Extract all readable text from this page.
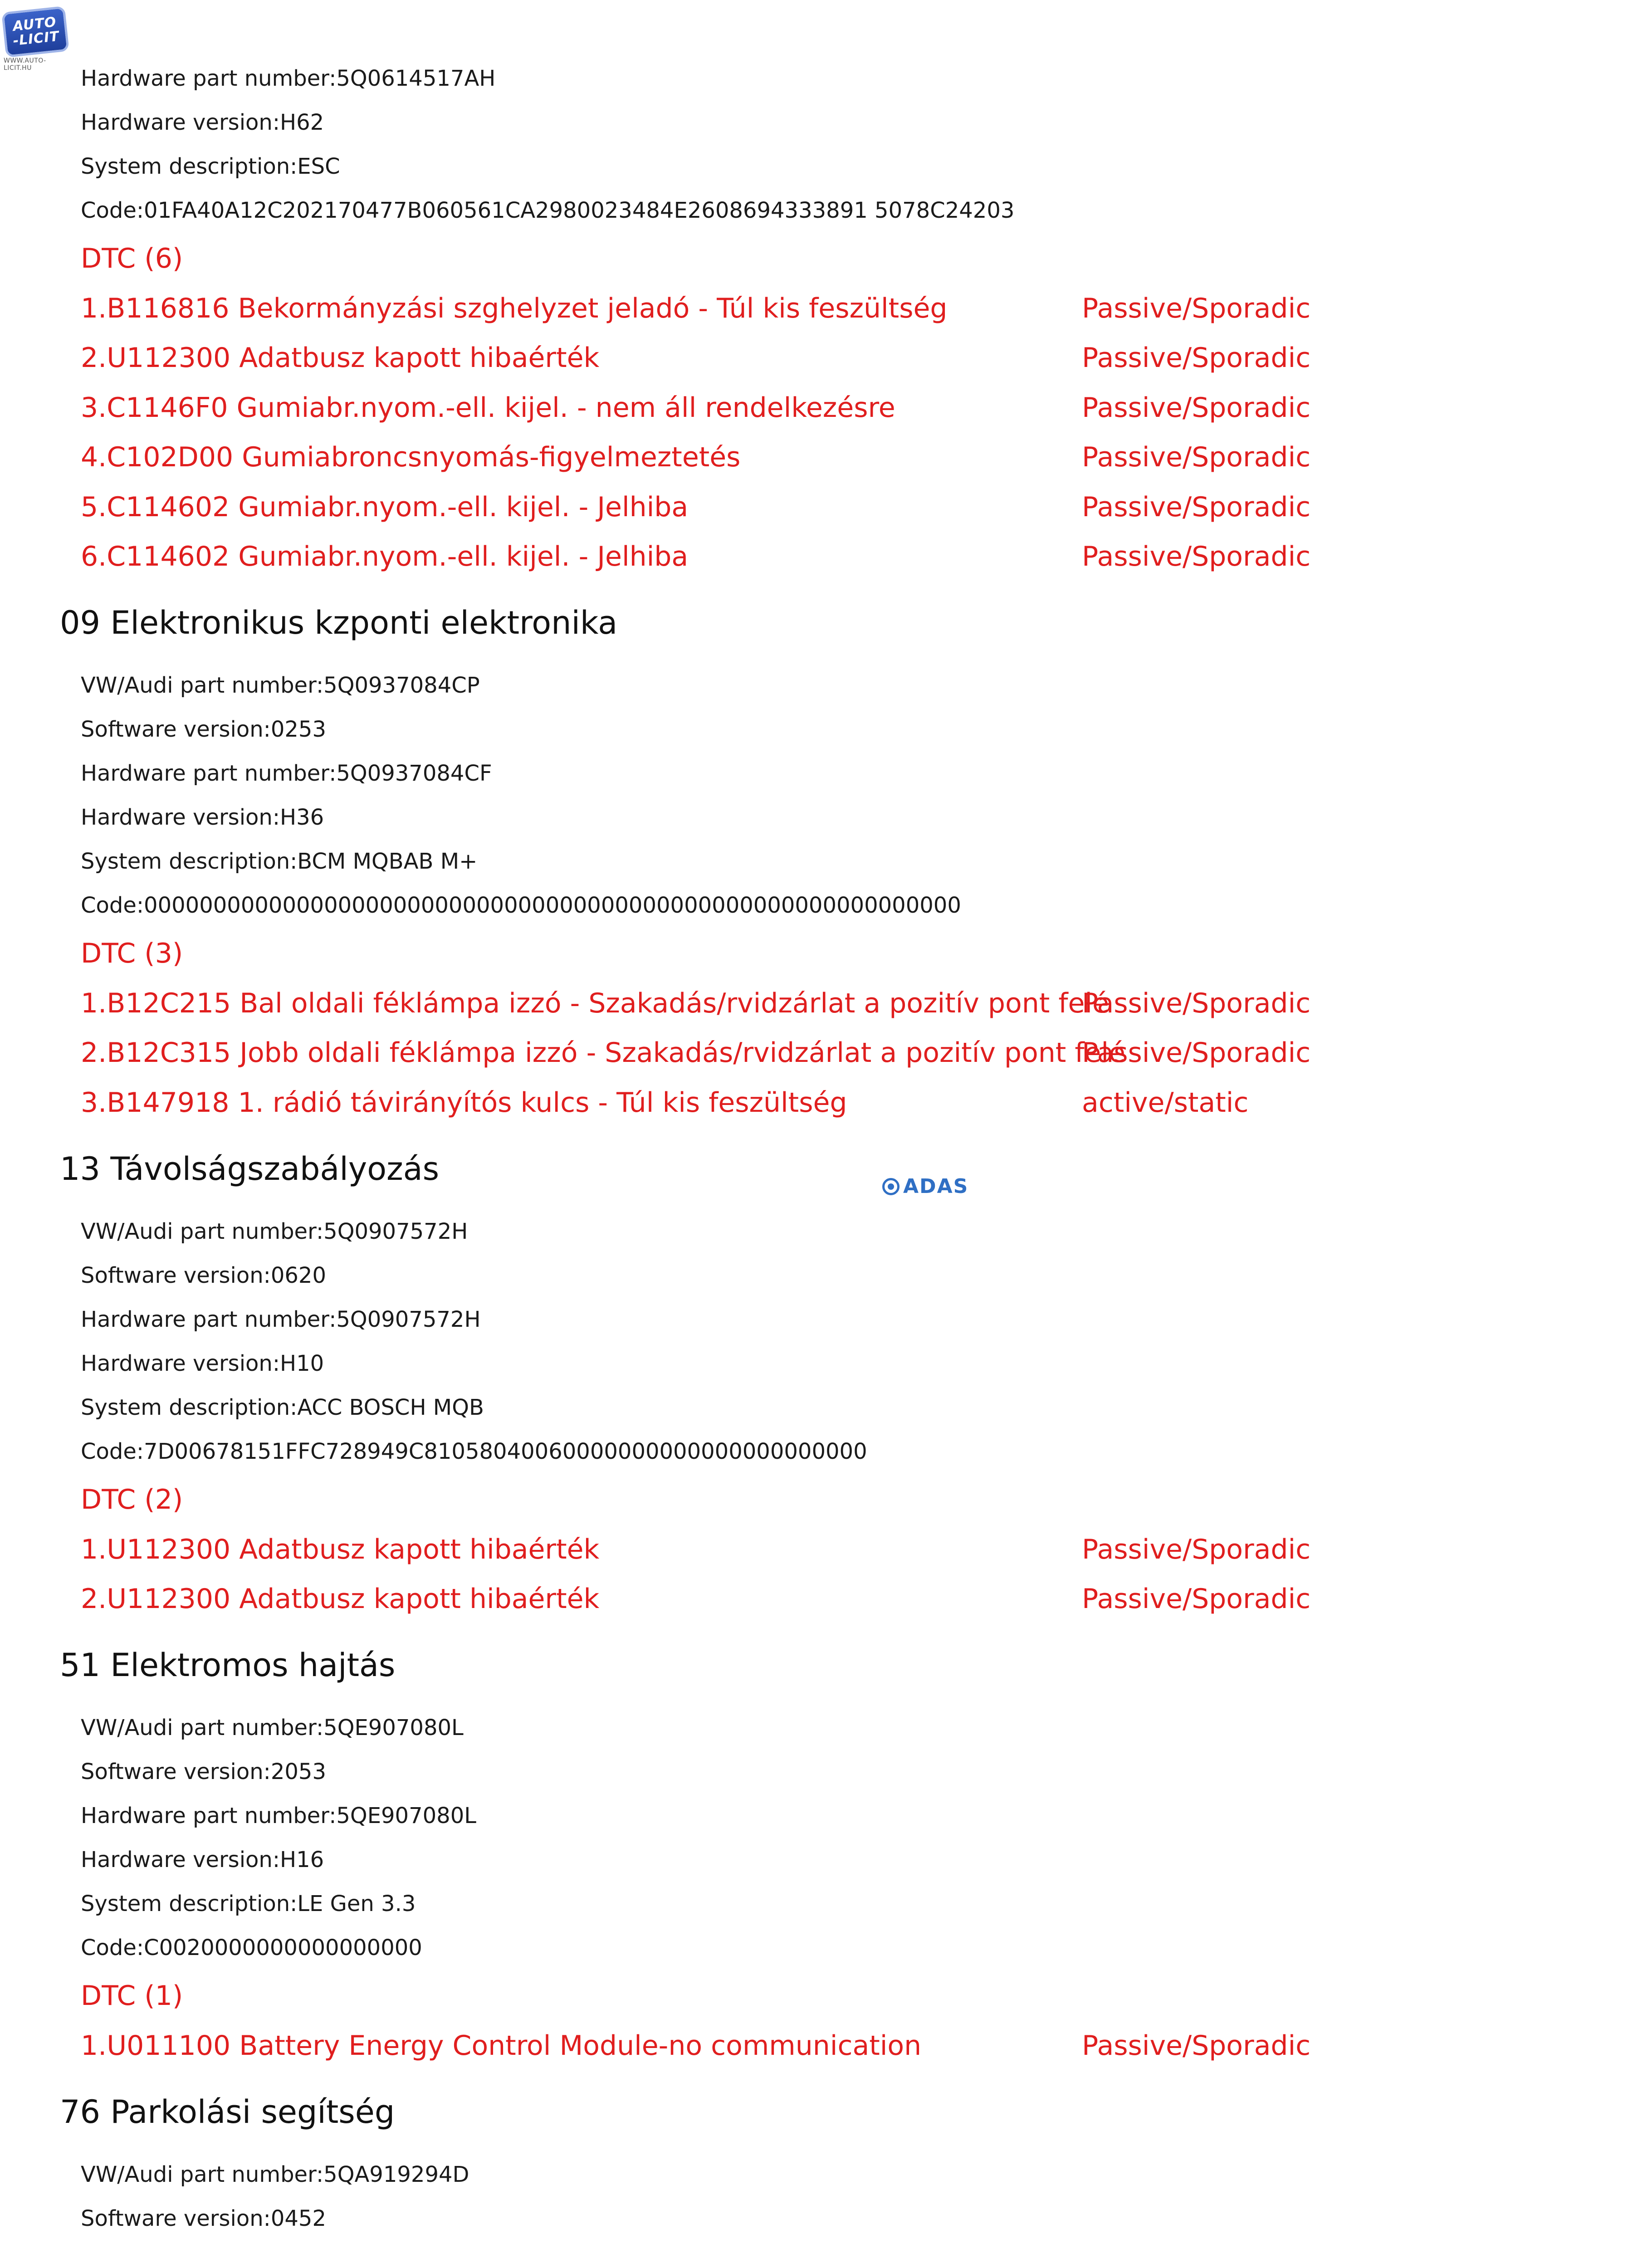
AUTO
-LICIT
WWW.AUTO-LICIT.HU	Hardware part number:5Q0614517AH
Hardware version:H62
System description:ESC
Code:01FA40A12C202170477B060561CA2980023484E2608694333891 5078C24203
DTC (6)
1.B116816 Bekormányzási szghelyzet jeladó - Túl kis feszültség	Passive/Sporadic
2.U112300 Adatbusz kapott hibaérték	Passive/Sporadic
3.C1146F0 Gumiabr.nyom.-ell. kijel. - nem áll rendelkezésre	Passive/Sporadic
4.C102D00 Gumiabroncsnyomás-figyelmeztetés	Passive/Sporadic
5.C114602 Gumiabr.nyom.-ell. kijel. - Jelhiba	Passive/Sporadic
6.C114602 Gumiabr.nyom.-ell. kijel. - Jelhiba	Passive/Sporadic
09 Elektronikus kzponti elektronika
VW/Audi part number:5Q0937084CP
Software version:0253
Hardware part number:5Q0937084CF
Hardware version:H36
System description:BCM MQBAB M+
Code:00000000000000000000000000000000000000000000000000000000000
DTC (3)
1.B12C215 Bal oldali féklámpa izzó - Szakadás/rvidzárlat a pozitív pont felé
Passive/Sporadic
2.B12C315 Jobb oldali féklámpa izzó - Szakadás/rvidzárlat a pozitív pont felé
Passive/Sporadic
3.B147918 1. rádió távirányítós kulcs - Túl kis feszültség	active/static
13 Távolságszabályozás	ADAS
VW/Audi part number:5Q0907572H
Software version:0620
Hardware part number:5Q0907572H
Hardware version:H10
System description:ACC BOSCH MQB
Code:7D00678151FFC728949C81058040060000000000000000000000
DTC (2)
1.U112300 Adatbusz kapott hibaérték	Passive/Sporadic
2.U112300 Adatbusz kapott hibaérték	Passive/Sporadic
51 Elektromos hajtás
VW/Audi part number:5QE907080L
Software version:2053
Hardware part number:5QE907080L
Hardware version:H16
System description:LE Gen 3.3
Code:C0020000000000000000
DTC (1)
1.U011100 Battery Energy Control Module-no communication	Passive/Sporadic
76 Parkolási segítség
VW/Audi part number:5QA919294D
Software version:0452
